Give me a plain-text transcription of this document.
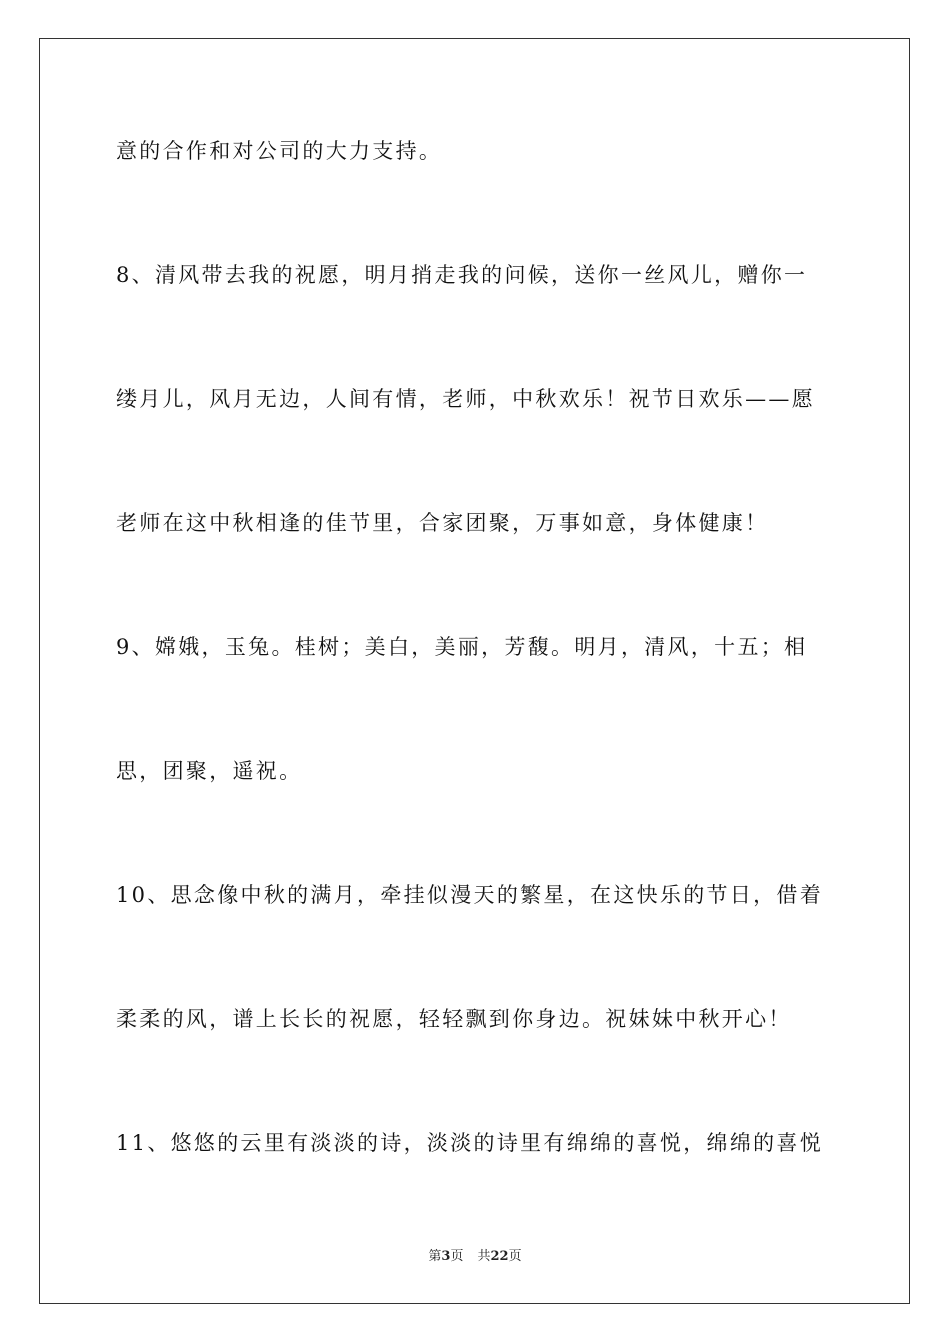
意的合作和对公司的大力支持。
8、清风带去我的祝愿，明月捎走我的问候，送你一丝风儿，赠你一
缕月儿，风月无边，人间有情，老师，中秋欢乐！祝节日欢乐——愿
老师在这中秋相逢的佳节里，合家团聚，万事如意，身体健康！
9、嫦娥，玉兔。桂树；美白，美丽，芳馥。明月，清风，十五；相
思，团聚，遥祝。
10、思念像中秋的满月，牵挂似漫天的繁星，在这快乐的节日，借着
柔柔的风，谱上长长的祝愿，轻轻飘到你身边。祝妹妹中秋开心！
11、悠悠的云里有淡淡的诗，淡淡的诗里有绵绵的喜悦，绵绵的喜悦
第3页 共22页
